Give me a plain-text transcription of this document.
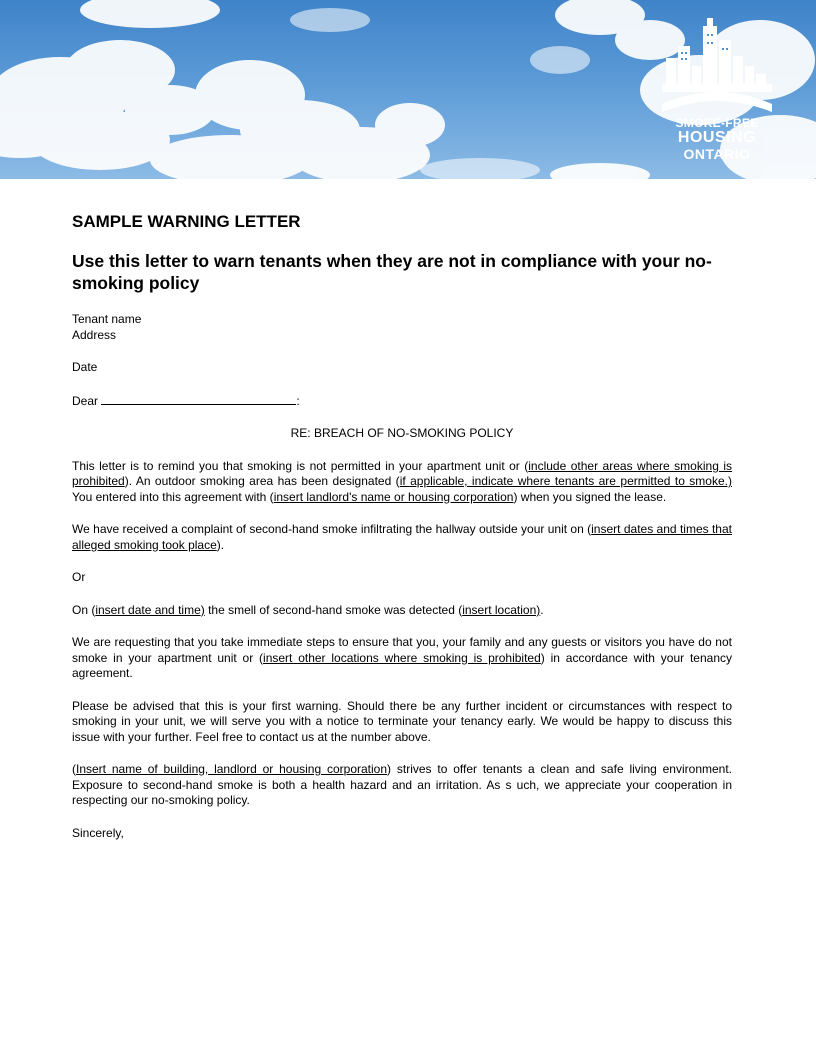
SMOKE-FREE
HOUSING
ONTARIO
SAMPLE WARNING LETTER
Use this letter to warn tenants when they are not in compliance with your no-smoking policy

Tenant name

Address

Date

Dear	:

RE: BREACH OF NO-SMOKING POLICY

This letter is to remind you that smoking is not permitted in your apartment unit or (include other areas where smoking is prohibited). An outdoor smoking area has been designated (if applicable, indicate where tenants are permitted to smoke.) You entered into this agreement with (insert landlord's name or housing corporation) when you signed the lease.

We have received a complaint of second-hand smoke infiltrating the hallway outside your unit on (insert dates and times that alleged smoking took place).

Or

On (insert date and time) the smell of second-hand smoke was detected (insert location).

We are requesting that you take immediate steps to ensure that you, your family and any guests or visitors you have do not smoke in your apartment unit or (insert other locations where smoking is prohibited) in accordance with your tenancy agreement.

Please be advised that this is your first warning. Should there be any further incident or circumstances with respect to smoking in your unit, we will serve you with a notice to terminate your tenancy early. We would be happy to discuss this issue with your further. Feel free to contact us at the number above.

(Insert name of building, landlord or housing corporation) strives to offer tenants a clean and safe living environment. Exposure to second-hand smoke is both a health hazard and an irritation. As s uch, we appreciate your cooperation in respecting our no-smoking policy.

Sincerely,
